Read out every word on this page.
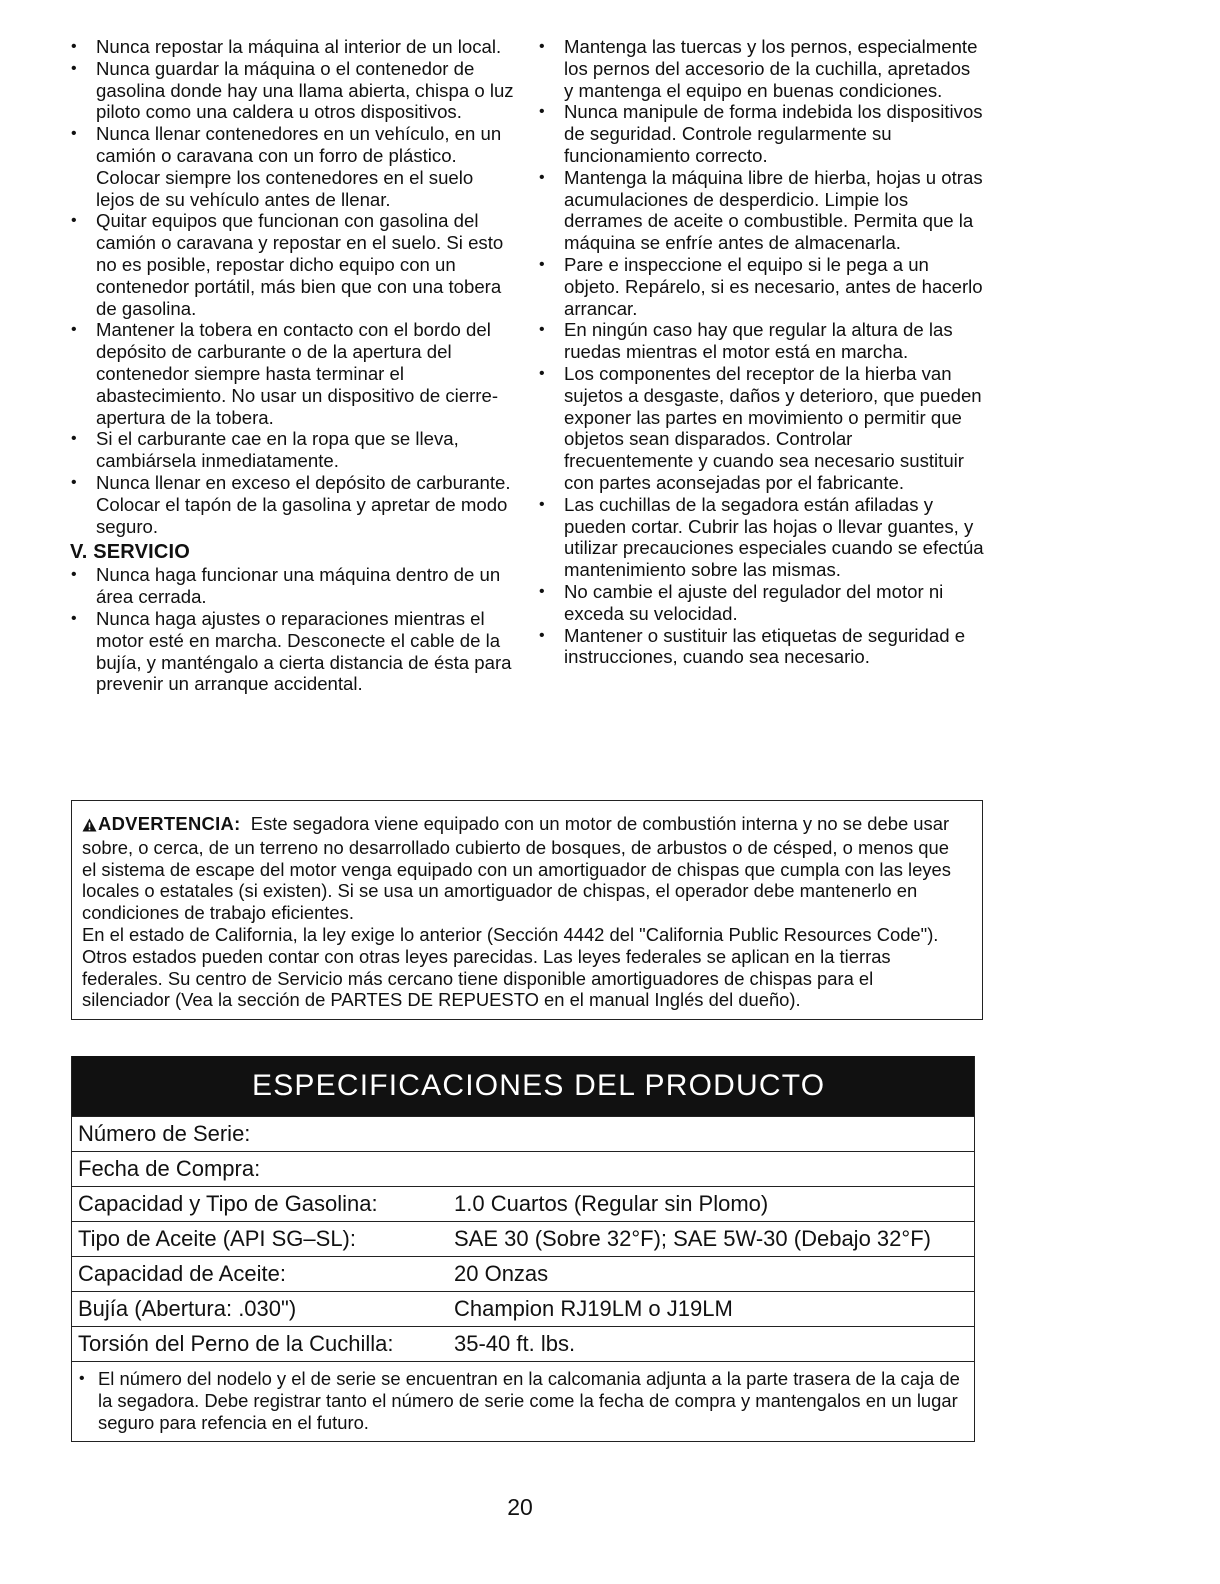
• Nunca repostar la máquina al interior de un local.
• Nunca guardar la máquina o el contenedor de gasolina donde hay una llama abierta, chispa o luz piloto como una caldera u otros dispositivos.
• Nunca llenar contenedores en un vehículo, en un camión o caravana con un forro de plástico. Colocar siempre los contenedores en el suelo lejos de su vehículo antes de llenar.
• Quitar equipos que funcionan con gasolina del camión o caravana y repostar en el suelo. Si esto no es posible, repostar dicho equipo con un contenedor portátil, más bien que con una tobera de gasolina.
• Mantener la tobera en contacto con el bordo del depósito de carburante o de la apertura del contenedor siempre hasta terminar el abastecimiento. No usar un dispositivo de cierre-apertura de la tobera.
• Si el carburante cae en la ropa que se lleva, cambiársela inmediatamente.
• Nunca llenar en exceso el depósito de carburante. Colocar el tapón de la gasolina y apretar de modo seguro.
V. SERVICIO
• Nunca haga funcionar una máquina dentro de un área cerrada.
• Nunca haga ajustes o reparaciones mientras el motor esté en marcha. Desconecte el cable de la bujía, y manténgalo a cierta distancia de ésta para prevenir un arranque accidental.
• Mantenga las tuercas y los pernos, especialmente los pernos del accesorio de la cuchilla, apretados y mantenga el equipo en buenas condiciones.
• Nunca manipule de forma indebida los dispositivos de seguridad. Controle regularmente su funcionamiento correcto.
• Mantenga la máquina libre de hierba, hojas u otras acumulaciones de desperdicio. Limpie los derrames de aceite o combustible. Permita que la máquina se enfríe antes de almacenarla.
• Pare e inspeccione el equipo si le pega a un objeto. Repárelo, si es necesario, antes de hacerlo arrancar.
• En ningún caso hay que regular la altura de las ruedas mientras el motor está en marcha.
• Los componentes del receptor de la hierba van sujetos a desgaste, daños y deterioro, que pueden exponer las partes en movimiento o permitir que objetos sean disparados. Controlar frecuentemente y cuando sea necesario sustituir con partes aconsejadas por el fabricante.
• Las cuchillas de la segadora están afiladas y pueden cortar. Cubrir las hojas o llevar guantes, y utilizar precauciones especiales cuando se efectúa mantenimiento sobre las mismas.
• No cambie el ajuste del regulador del motor ni exceda su velocidad.
• Mantener o sustituir las etiquetas de seguridad e instrucciones, cuando sea necesario.

ADVERTENCIA: Este segadora viene equipado con un motor de combustión interna y no se debe usar sobre, o cerca, de un terreno no desarrollado cubierto de bosques, de arbustos o de césped, o menos que el sistema de escape del motor venga equipado con un amortiguador de chispas que cumpla con las leyes locales o estatales (si existen). Si se usa un amortiguador de chispas, el operador debe mantenerlo en condiciones de trabajo eficientes.

En el estado de California, la ley exige lo anterior (Sección 4442 del "California Public Resources Code"). Otros estados pueden contar con otras leyes parecidas. Las leyes federales se aplican en la tierras federales. Su centro de Servicio más cercano tiene disponible amortiguadores de chispas para el silenciador (Vea la sección de PARTES DE REPUESTO en el manual Inglés del dueño).

ESPECIFICACIONES DEL PRODUCTO
Número de Serie:
Fecha de Compra:
Capacidad y Tipo de Gasolina:	1.0 Cuartos (Regular sin Plomo)
Tipo de Aceite (API SG–SL):	SAE 30 (Sobre 32°F); SAE 5W-30 (Debajo 32°F)
Capacidad de Aceite:	20 Onzas
Bujía (Abertura: .030")	Champion RJ19LM o J19LM
Torsión del Perno de la Cuchilla:	35-40 ft. lbs.
• El número del nodelo y el de serie se encuentran en la calcomania adjunta a la parte trasera de la caja de la segadora. Debe registrar tanto el número de serie come la fecha de compra y mantengalos en un lugar seguro para refencia en el futuro.
20
